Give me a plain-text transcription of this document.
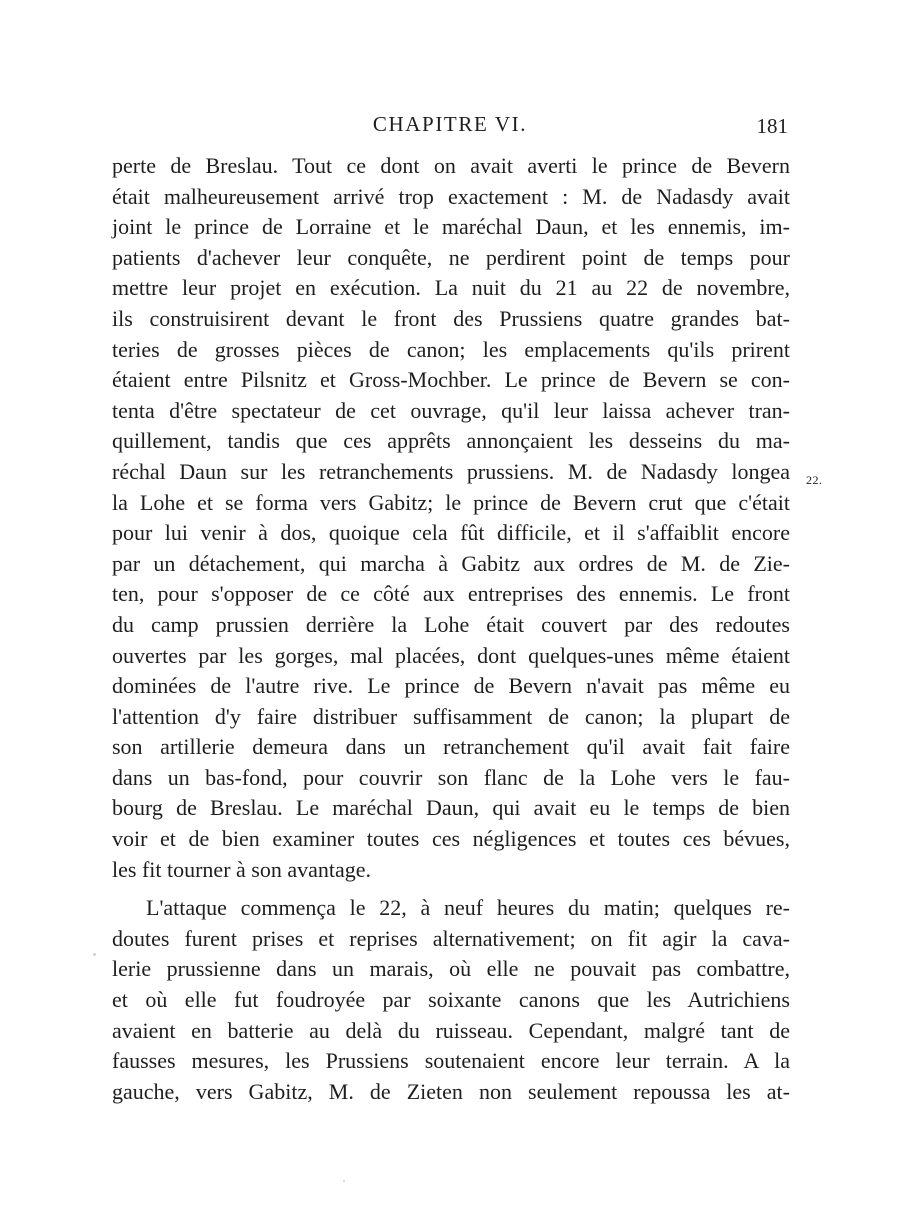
CHAPITRE VI.	181
perte de Breslau. Tout ce dont on avait averti le prince de Bevern
était malheureusement arrivé trop exactement : M. de Nadasdy avait
joint le prince de Lorraine et le maréchal Daun, et les ennemis, im-
patients d'achever leur conquête, ne perdirent point de temps pour
mettre leur projet en exécution. La nuit du 21 au 22 de novembre,
ils construisirent devant le front des Prussiens quatre grandes bat-
teries de grosses pièces de canon; les emplacements qu'ils prirent
étaient entre Pilsnitz et Gross-Mochber. Le prince de Bevern se con-
tenta d'être spectateur de cet ouvrage, qu'il leur laissa achever tran-
quillement, tandis que ces apprêts annonçaient les desseins du ma-
réchal Daun sur les retranchements prussiens. M. de Nadasdy longea
la Lohe et se forma vers Gabitz; le prince de Bevern crut que c'était
pour lui venir à dos, quoique cela fût difficile, et il s'affaiblit encore
par un détachement, qui marcha à Gabitz aux ordres de M. de Zie-
ten, pour s'opposer de ce côté aux entreprises des ennemis. Le front
du camp prussien derrière la Lohe était couvert par des redoutes
ouvertes par les gorges, mal placées, dont quelques-unes même étaient
dominées de l'autre rive. Le prince de Bevern n'avait pas même eu
l'attention d'y faire distribuer suffisamment de canon; la plupart de
son artillerie demeura dans un retranchement qu'il avait fait faire
dans un bas-fond, pour couvrir son flanc de la Lohe vers le fau-
bourg de Breslau. Le maréchal Daun, qui avait eu le temps de bien
voir et de bien examiner toutes ces négligences et toutes ces bévues,
les fit tourner à son avantage.
L'attaque commença le 22, à neuf heures du matin; quelques re-
doutes furent prises et reprises alternativement; on fit agir la cava-
lerie prussienne dans un marais, où elle ne pouvait pas combattre,
et où elle fut foudroyée par soixante canons que les Autrichiens
avaient en batterie au delà du ruisseau. Cependant, malgré tant de
fausses mesures, les Prussiens soutenaient encore leur terrain. A la
gauche, vers Gabitz, M. de Zieten non seulement repoussa les at-
22.
